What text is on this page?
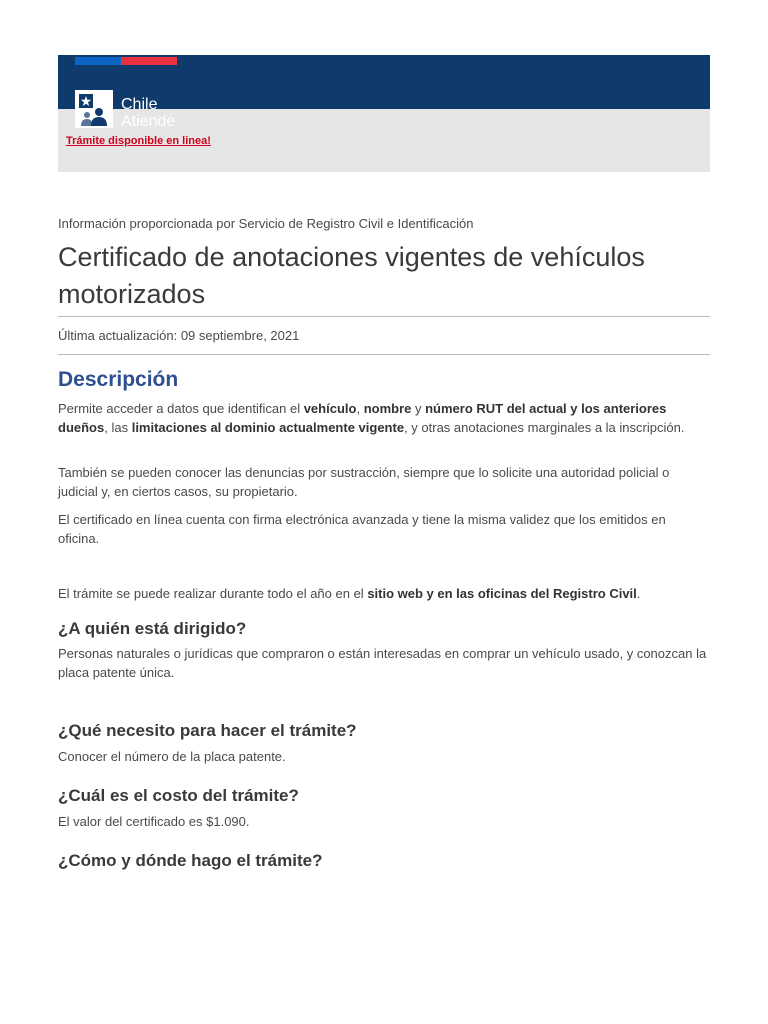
Chile
Atiende
Trámite disponible en linea!
Información proporcionada por Servicio de Registro Civil e Identificación
Certificado de anotaciones vigentes de vehículos
motorizados
Última actualización: 09 septiembre, 2021
Descripción

Permite acceder a datos que identifican el vehículo, nombre y número RUT del actual y los anteriores dueños, las limitaciones al dominio actualmente vigente, y otras anotaciones marginales a la inscripción.

También se pueden conocer las denuncias por sustracción, siempre que lo solicite una autoridad policial o judicial y, en ciertos casos, su propietario.

El certificado en línea cuenta con firma electrónica avanzada y tiene la misma validez que los emitidos en oficina.

El trámite se puede realizar durante todo el año en el sitio web y en las oficinas del Registro Civil.

¿A quién está dirigido?

Personas naturales o jurídicas que compraron o están interesadas en comprar un vehículo usado, y conozcan la placa patente única.

¿Qué necesito para hacer el trámite?

Conocer el número de la placa patente.

¿Cuál es el costo del trámite?

El valor del certificado es $1.090.

¿Cómo y dónde hago el trámite?
